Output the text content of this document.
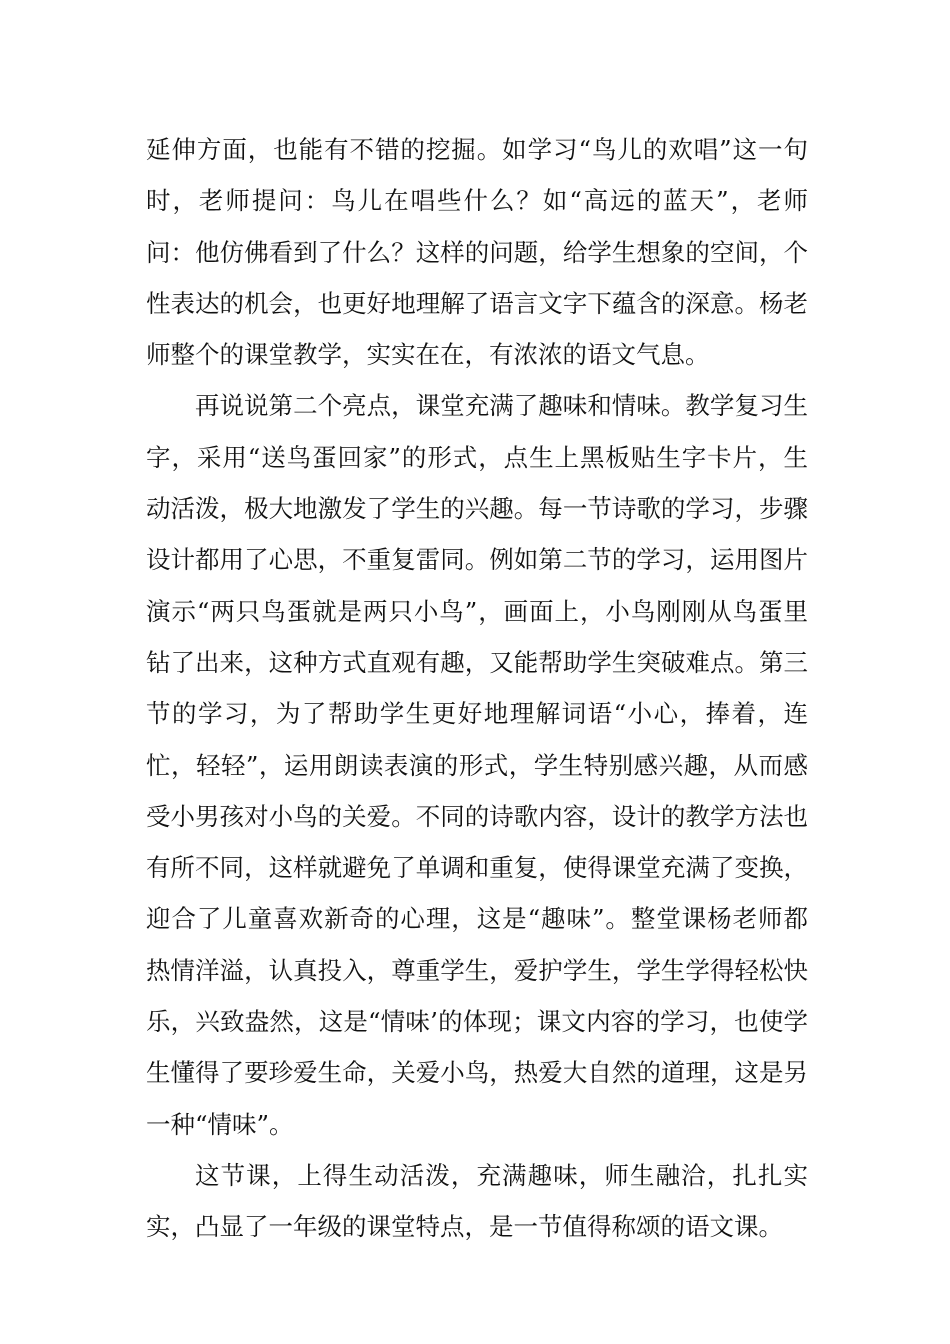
延伸方面，也能有不错的挖掘。如学习“鸟儿的欢唱”这一句时，老师提问：鸟儿在唱些什么？如“高远的蓝天”，老师问：他仿佛看到了什么？这样的问题，给学生想象的空间，个性表达的机会，也更好地理解了语言文字下蕴含的深意。杨老师整个的课堂教学，实实在在，有浓浓的语文气息。

再说说第二个亮点，课堂充满了趣味和情味。教学复习生字，采用“送鸟蛋回家”的形式，点生上黑板贴生字卡片，生动活泼，极大地激发了学生的兴趣。每一节诗歌的学习，步骤设计都用了心思，不重复雷同。例如第二节的学习，运用图片演示“两只鸟蛋就是两只小鸟”，画面上，小鸟刚刚从鸟蛋里钻了出来，这种方式直观有趣，又能帮助学生突破难点。第三节的学习，为了帮助学生更好地理解词语“小心，捧着，连忙，轻轻”，运用朗读表演的形式，学生特别感兴趣，从而感受小男孩对小鸟的关爱。不同的诗歌内容，设计的教学方法也有所不同，这样就避免了单调和重复，使得课堂充满了变换，迎合了儿童喜欢新奇的心理，这是“趣味”。整堂课杨老师都热情洋溢，认真投入，尊重学生，爱护学生，学生学得轻松快乐，兴致盎然，这是“情味’的体现；课文内容的学习，也使学生懂得了要珍爱生命，关爱小鸟，热爱大自然的道理，这是另一种“情味”。

这节课，上得生动活泼，充满趣味，师生融洽，扎扎实实，凸显了一年级的课堂特点，是一节值得称颂的语文课。
